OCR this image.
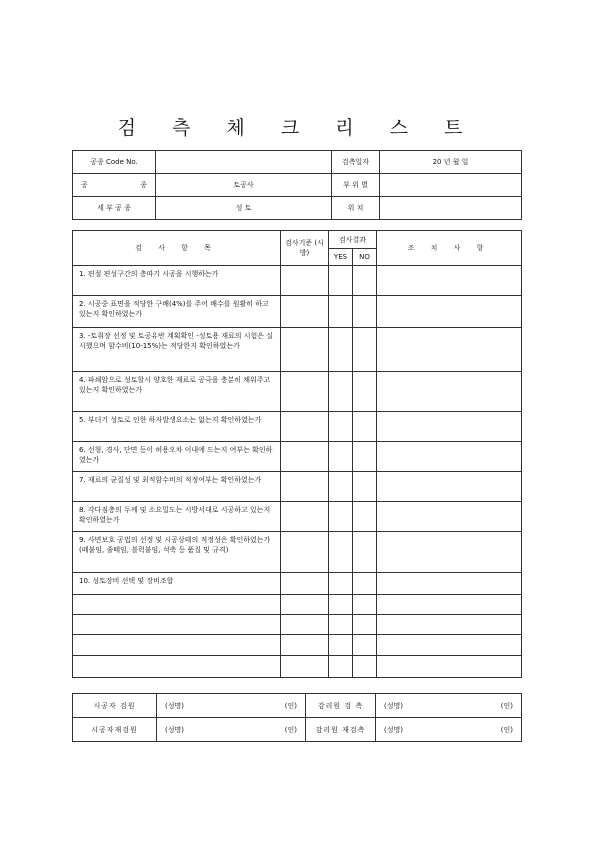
검 측 체 크 리 스 트
공종 Code No.		검측일자	20 년 월 일
공 종	토공사	부 위 별	
세 부 공 종	성 토	위 치	
검 사 항 목	검사기준 (시방)	검사결과		조 치 사 항
		YES	NO	
1. 편절 편성구간의 층따기 시공을 시행하는가				
2. 시공중 표면을 적당한 구배(4%)를 주어 배수를 원활히 하고 있는지 확인하였는가				
3. -토취장 선정 및 토공유반 계획확인 -성토용 재료의 시험은 실시했으며 함수비(10-15%)는 적당한지 확인하였는가				
4. 파쇄암으로 성토할시 양호한 재료로 공극을 충분히 채워주고 있는지 확인하였는가				
5. 부더기 성토로 인한 하자발생요소는 없는지 확인하였는가				
6. 선형, 경사, 단면 등이 허용오차 이내에 드는지 여부는 확인하였는가				
7. 재료의 균질성 및 최적함수비의 적정여부는 확인하였는가				
8. 각다짐층의 두께 및 소요밀도는 시방서대로 시공하고 있는지 확인하였는가				
9. 사면보호 공법의 선정 및 시공상태의 적정성은 확인하였는가(떼붙임, 줄떼임, 블럭붙임, 석축 등 품질 및 규격)				
10. 성토장비 선택 및 장비조합				

시공자 검원	(성명) (인)	감리원 검 측	(성명) (인)

시공자재검원	(성명) (인)	감리원 재검측	(성명) (인)
